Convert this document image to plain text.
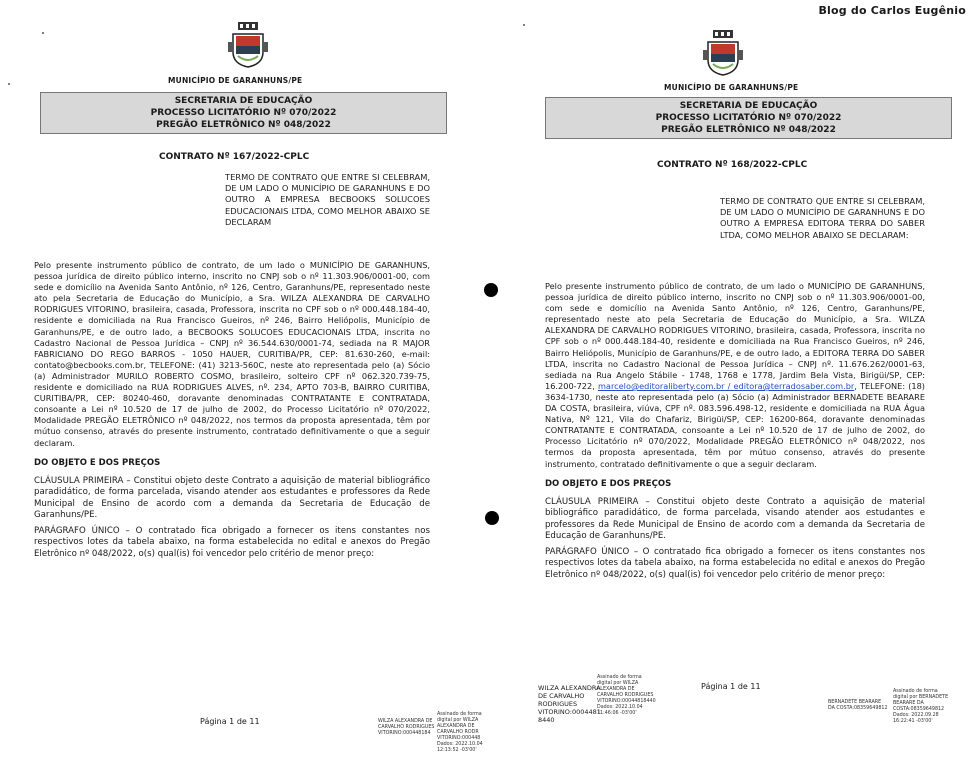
Blog do Carlos Eugênio
MUNICÍPIO DE GARANHUNS/PE
SECRETARIA DE EDUCAÇÃO
PROCESSO LICITATÓRIO Nº 070/2022
PREGÃO ELETRÔNICO Nº 048/2022
CONTRATO Nº 167/2022-CPLC
TERMO DE CONTRATO QUE ENTRE SI CELEBRAM, DE UM LADO O MUNICÍPIO DE GARANHUNS E DO OUTRO A EMPRESA BECBOOKS SOLUCOES EDUCACIONAIS LTDA, COMO MELHOR ABAIXO SE DECLARAM

Pelo presente instrumento público de contrato, de um lado o MUNICÍPIO DE GARANHUNS, pessoa jurídica de direito público interno, inscrito no CNPJ sob o nº 11.303.906/0001-00, com sede e domicílio na Avenida Santo Antônio, nº 126, Centro, Garanhuns/PE, representado neste ato pela Secretaria de Educação do Município, a Sra. WILZA ALEXANDRA DE CARVALHO RODRIGUES VITORINO, brasileira, casada, Professora, inscrita no CPF sob o nº 000.448.184-40, residente e domiciliada na Rua Francisco Gueiros, nº 246, Bairro Heliópolis, Município de Garanhuns/PE, e de outro lado, a BECBOOKS SOLUCOES EDUCACIONAIS LTDA, inscrita no Cadastro Nacional de Pessoa Jurídica – CNPJ nº 36.544.630/0001-74, sediada na R MAJOR FABRICIANO DO REGO BARROS - 1050 HAUER, CURITIBA/PR, CEP: 81.630-260, e-mail: contato@becbooks.com.br, TELEFONE: (41) 3213-560C, neste ato representada pelo (a) Sócio (a) Administrador MURILO ROBERTO COSMO, brasileiro, solteiro CPF nº 062.320.739-75, residente e domiciliado na RUA RODRIGUES ALVES, nº. 234, APTO 703-B, BAIRRO CURITIBA, CURITIBA/PR, CEP: 80240-460, doravante denominadas CONTRATANTE E CONTRATADA, consoante a Lei nº 10.520 de 17 de julho de 2002, do Processo Licitatório nº 070/2022, Modalidade PREGÃO ELETRÔNICO nº 048/2022, nos termos da proposta apresentada, têm por mútuo consenso, através do presente instrumento, contratado definitivamente o que a seguir declaram.

DO OBJETO E DOS PREÇOS

CLÁUSULA PRIMEIRA – Constitui objeto deste Contrato a aquisição de material bibliográfico paradidático, de forma parcelada, visando atender aos estudantes e professores da Rede Municipal de Ensino de acordo com a demanda da Secretaria de Educação de Garanhuns/PE.

PARÁGRAFO ÚNICO – O contratado fica obrigado a fornecer os itens constantes nos respectivos lotes da tabela abaixo, na forma estabelecida no edital e anexos do Pregão Eletrônico nº 048/2022, o(s) qual(is) foi vencedor pelo critério de menor preço:

Página 1 de 11	WILZA ALEXANDRA DE
CARVALHO RODRIGUES
VITORINO:000448184
Assinado de forma
digital por WILZA
ALEXANDRA DE
CARVALHO RODR
VITORINO:000448
Dados: 2022.10.04
12:13:52 -03'00'
MUNICÍPIO DE GARANHUNS/PE
SECRETARIA DE EDUCAÇÃO
PROCESSO LICITATÓRIO Nº 070/2022
PREGÃO ELETRÔNICO Nº 048/2022
CONTRATO Nº 168/2022-CPLC
TERMO DE CONTRATO QUE ENTRE SI CELEBRAM, DE UM LADO O MUNICÍPIO DE GARANHUNS E DO OUTRO A EMPRESA EDITORA TERRA DO SABER LTDA, COMO MELHOR ABAIXO SE DECLARAM:

Pelo presente instrumento público de contrato, de um lado o MUNICÍPIO DE GARANHUNS, pessoa jurídica de direito público interno, inscrito no CNPJ sob o nº 11.303.906/0001-00, com sede e domicílio na Avenida Santo Antônio, nº 126, Centro, Garanhuns/PE, representado neste ato pela Secretaria de Educação do Município, a Sra. WILZA ALEXANDRA DE CARVALHO RODRIGUES VITORINO, brasileira, casada, Professora, inscrita no CPF sob o nº 000.448.184-40, residente e domiciliada na Rua Francisco Gueiros, nº 246, Bairro Heliópolis, Município de Garanhuns/PE, e de outro lado, a EDITORA TERRA DO SABER LTDA, inscrita no Cadastro Nacional de Pessoa Jurídica – CNPJ nº. 11.676.262/0001-63, sediada na Rua Angelo Stábile - 1748, 1768 e 1778, Jardim Bela Vista, Birigüi/SP, CEP: 16.200-722, marcelo@editoraliberty.com.br / editora@terradosaber.com.br, TELEFONE: (18) 3634-1730, neste ato representada pelo (a) Sócio (a) Administrador BERNADETE BEARARE DA COSTA, brasileira, viúva, CPF nº. 083.596.498-12, residente e domiciliada na RUA Água Nativa, Nº 121, Vila do Chafariz, Birigüi/SP, CEP: 16200-864, doravante denominadas CONTRATANTE E CONTRATADA, consoante a Lei nº 10.520 de 17 de julho de 2002, do Processo Licitatório nº 070/2022, Modalidade PREGÃO ELETRÔNICO nº 048/2022, nos termos da proposta apresentada, têm por mútuo consenso, através do presente instrumento, contratado definitivamente o que a seguir declaram.

DO OBJETO E DOS PREÇOS

CLÁUSULA PRIMEIRA – Constitui objeto deste Contrato a aquisição de material bibliográfico paradidático, de forma parcelada, visando atender aos estudantes e professores da Rede Municipal de Ensino de acordo com a demanda da Secretaria de Educação de Garanhuns/PE.

PARÁGRAFO ÚNICO – O contratado fica obrigado a fornecer os itens constantes nos respectivos lotes da tabela abaixo, na forma estabelecida no edital e anexos do Pregão Eletrônico nº 048/2022, o(s) qual(is) foi vencedor pelo critério de menor preço:

Página 1 de 11
WILZA ALEXANDRA
DE CARVALHO
RODRIGUES
VITORINO:0004481
8440
Assinado de forma
digital por WILZA
ALEXANDRA DE
CARVALHO RODRIGUES
VITORINO:00044818440
Dados: 2022.10.04
11:46:06 -03'00'
BERNADETE BEARARE
DA COSTA:08359649812
Assinado de forma
digital por BERNADETE
BEARARE DA
COSTA:08359649812
Dados: 2022.09.28
16:22:41 -03'00'
